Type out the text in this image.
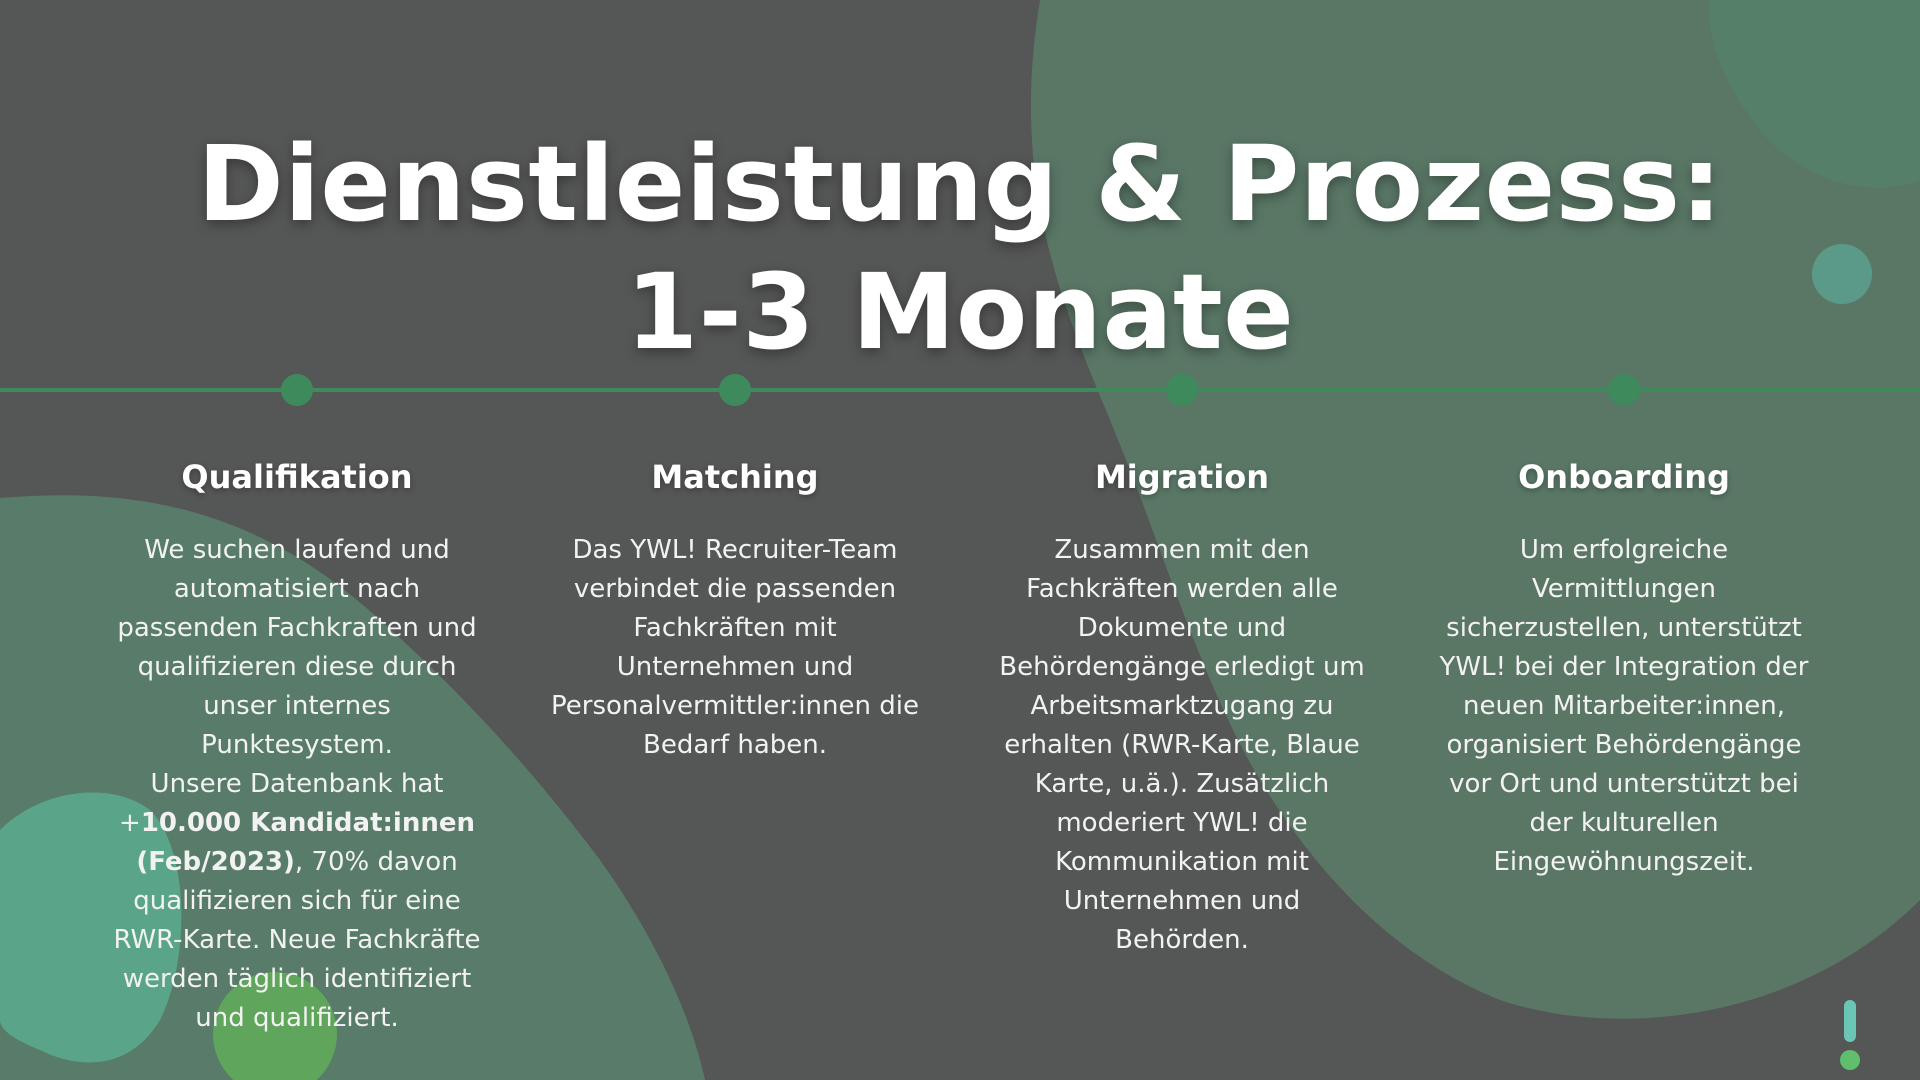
Dienstleistung & Prozess:
1-3 Monate
Qualifikation

We suchen laufend und automatisiert nach passenden Fachkraften und qualifizieren diese durch unser internes Punktesystem.
Unsere Datenbank hat +10.000 Kandidat:innen (Feb/2023), 70% davon qualifizieren sich für eine RWR-Karte. Neue Fachkräfte werden täglich identifiziert und qualifiziert.

Matching

Das YWL! Recruiter-Team verbindet die passenden Fachkräften mit Unternehmen und Personalvermittler:innen die Bedarf haben.

Migration

Zusammen mit den Fachkräften werden alle Dokumente und Behördengänge erledigt um Arbeitsmarktzugang zu erhalten (RWR-Karte, Blaue Karte, u.ä.). Zusätzlich moderiert YWL! die Kommunikation mit Unternehmen und Behörden.

Onboarding

Um erfolgreiche Vermittlungen sicherzustellen, unterstützt YWL! bei der Integration der neuen Mitarbeiter:innen, organisiert Behördengänge vor Ort und unterstützt bei der kulturellen Eingewöhnungszeit.
